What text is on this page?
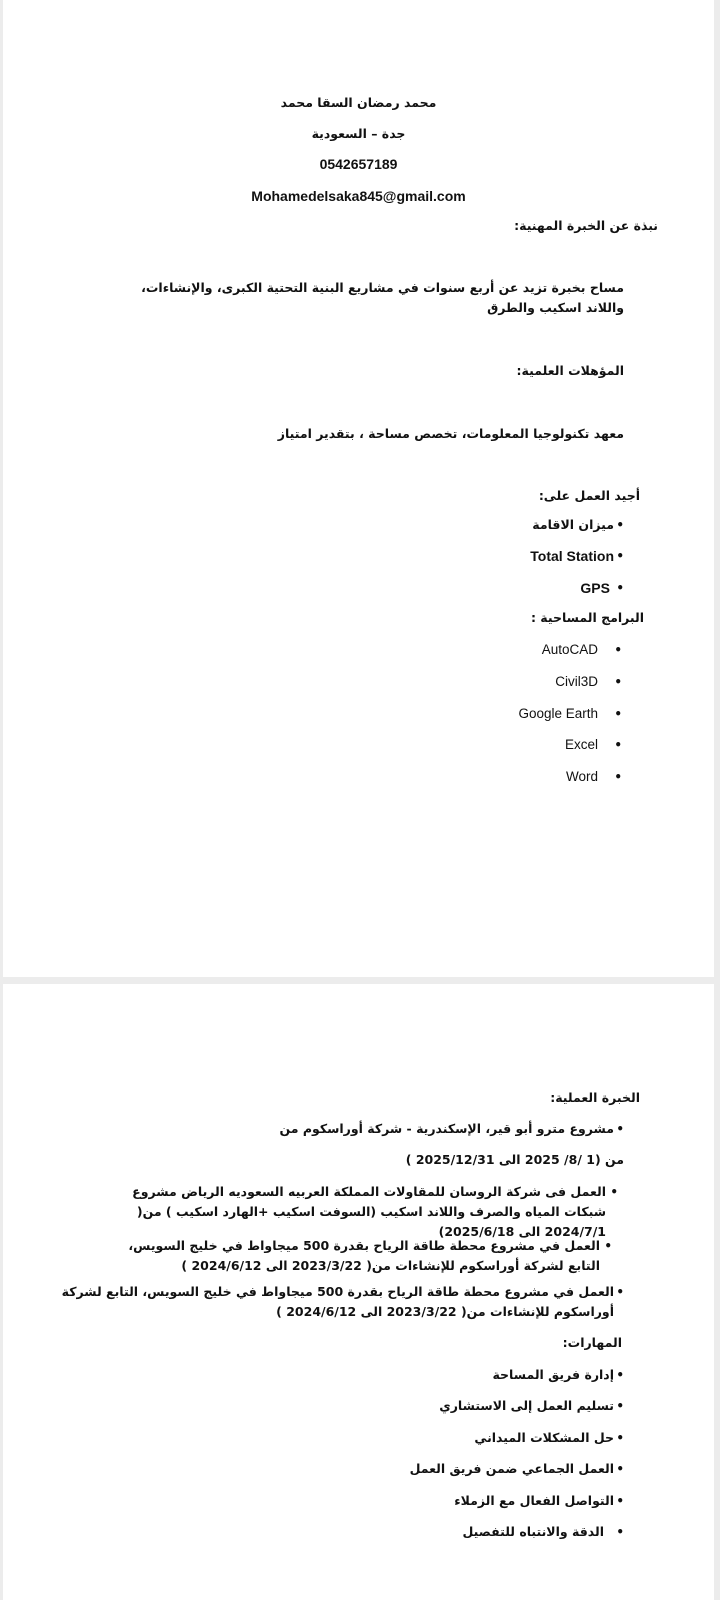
محمد رمضان السقا محمد

جدة – السعودية

0542657189

Mohamedelsaka845@gmail.com

نبذة عن الخبرة المهنية:

مساح بخبرة تزيد عن أربع سنوات في مشاريع البنية التحتية الكبرى، والإنشاءات، واللاند اسكيب والطرق

المؤهلات العلمية:

معهد تكنولوجيا المعلومات، تخصص مساحة ، بتقدير امتياز

أجيد العمل على:

•

ميزان الاقامة

•

Total Station

•

GPS

البرامج المساحية :

•

AutoCAD

•

Civil3D

•

Google Earth

•

Excel

•

Word

الخبرة العملية:

•

مشروع مترو أبو قير، الإسكندرية - شركة أوراسكوم من

من (1 /8/ 2025 الى 2025/12/31 )

•

العمل فى شركة الروسان للمقاولات المملكة العربيه السعوديه الرياض مشروع شبكات المياه والصرف واللاند اسكيب (السوفت اسكيب +الهارد اسكيب ) من( 2024/7/1 الى 2025/6/18)

•

العمل في مشروع محطة طاقة الرياح بقدرة 500 ميجاواط في خليج السويس، التابع لشركة أوراسكوم للإنشاءات من( 2023/3/22 الى 2024/6/12 )

•

العمل في مشروع محطة طاقة الرياح بقدرة 500 ميجاواط في خليج السويس، التابع لشركة أوراسكوم للإنشاءات من( 2023/3/22 الى 2024/6/12 )

المهارات:

•

إدارة فريق المساحة

•

تسليم العمل إلى الاستشاري

•

حل المشكلات الميداني

•

العمل الجماعي ضمن فريق العمل

•

التواصل الفعال مع الزملاء

•

الدقة والانتباه للتفصيل
